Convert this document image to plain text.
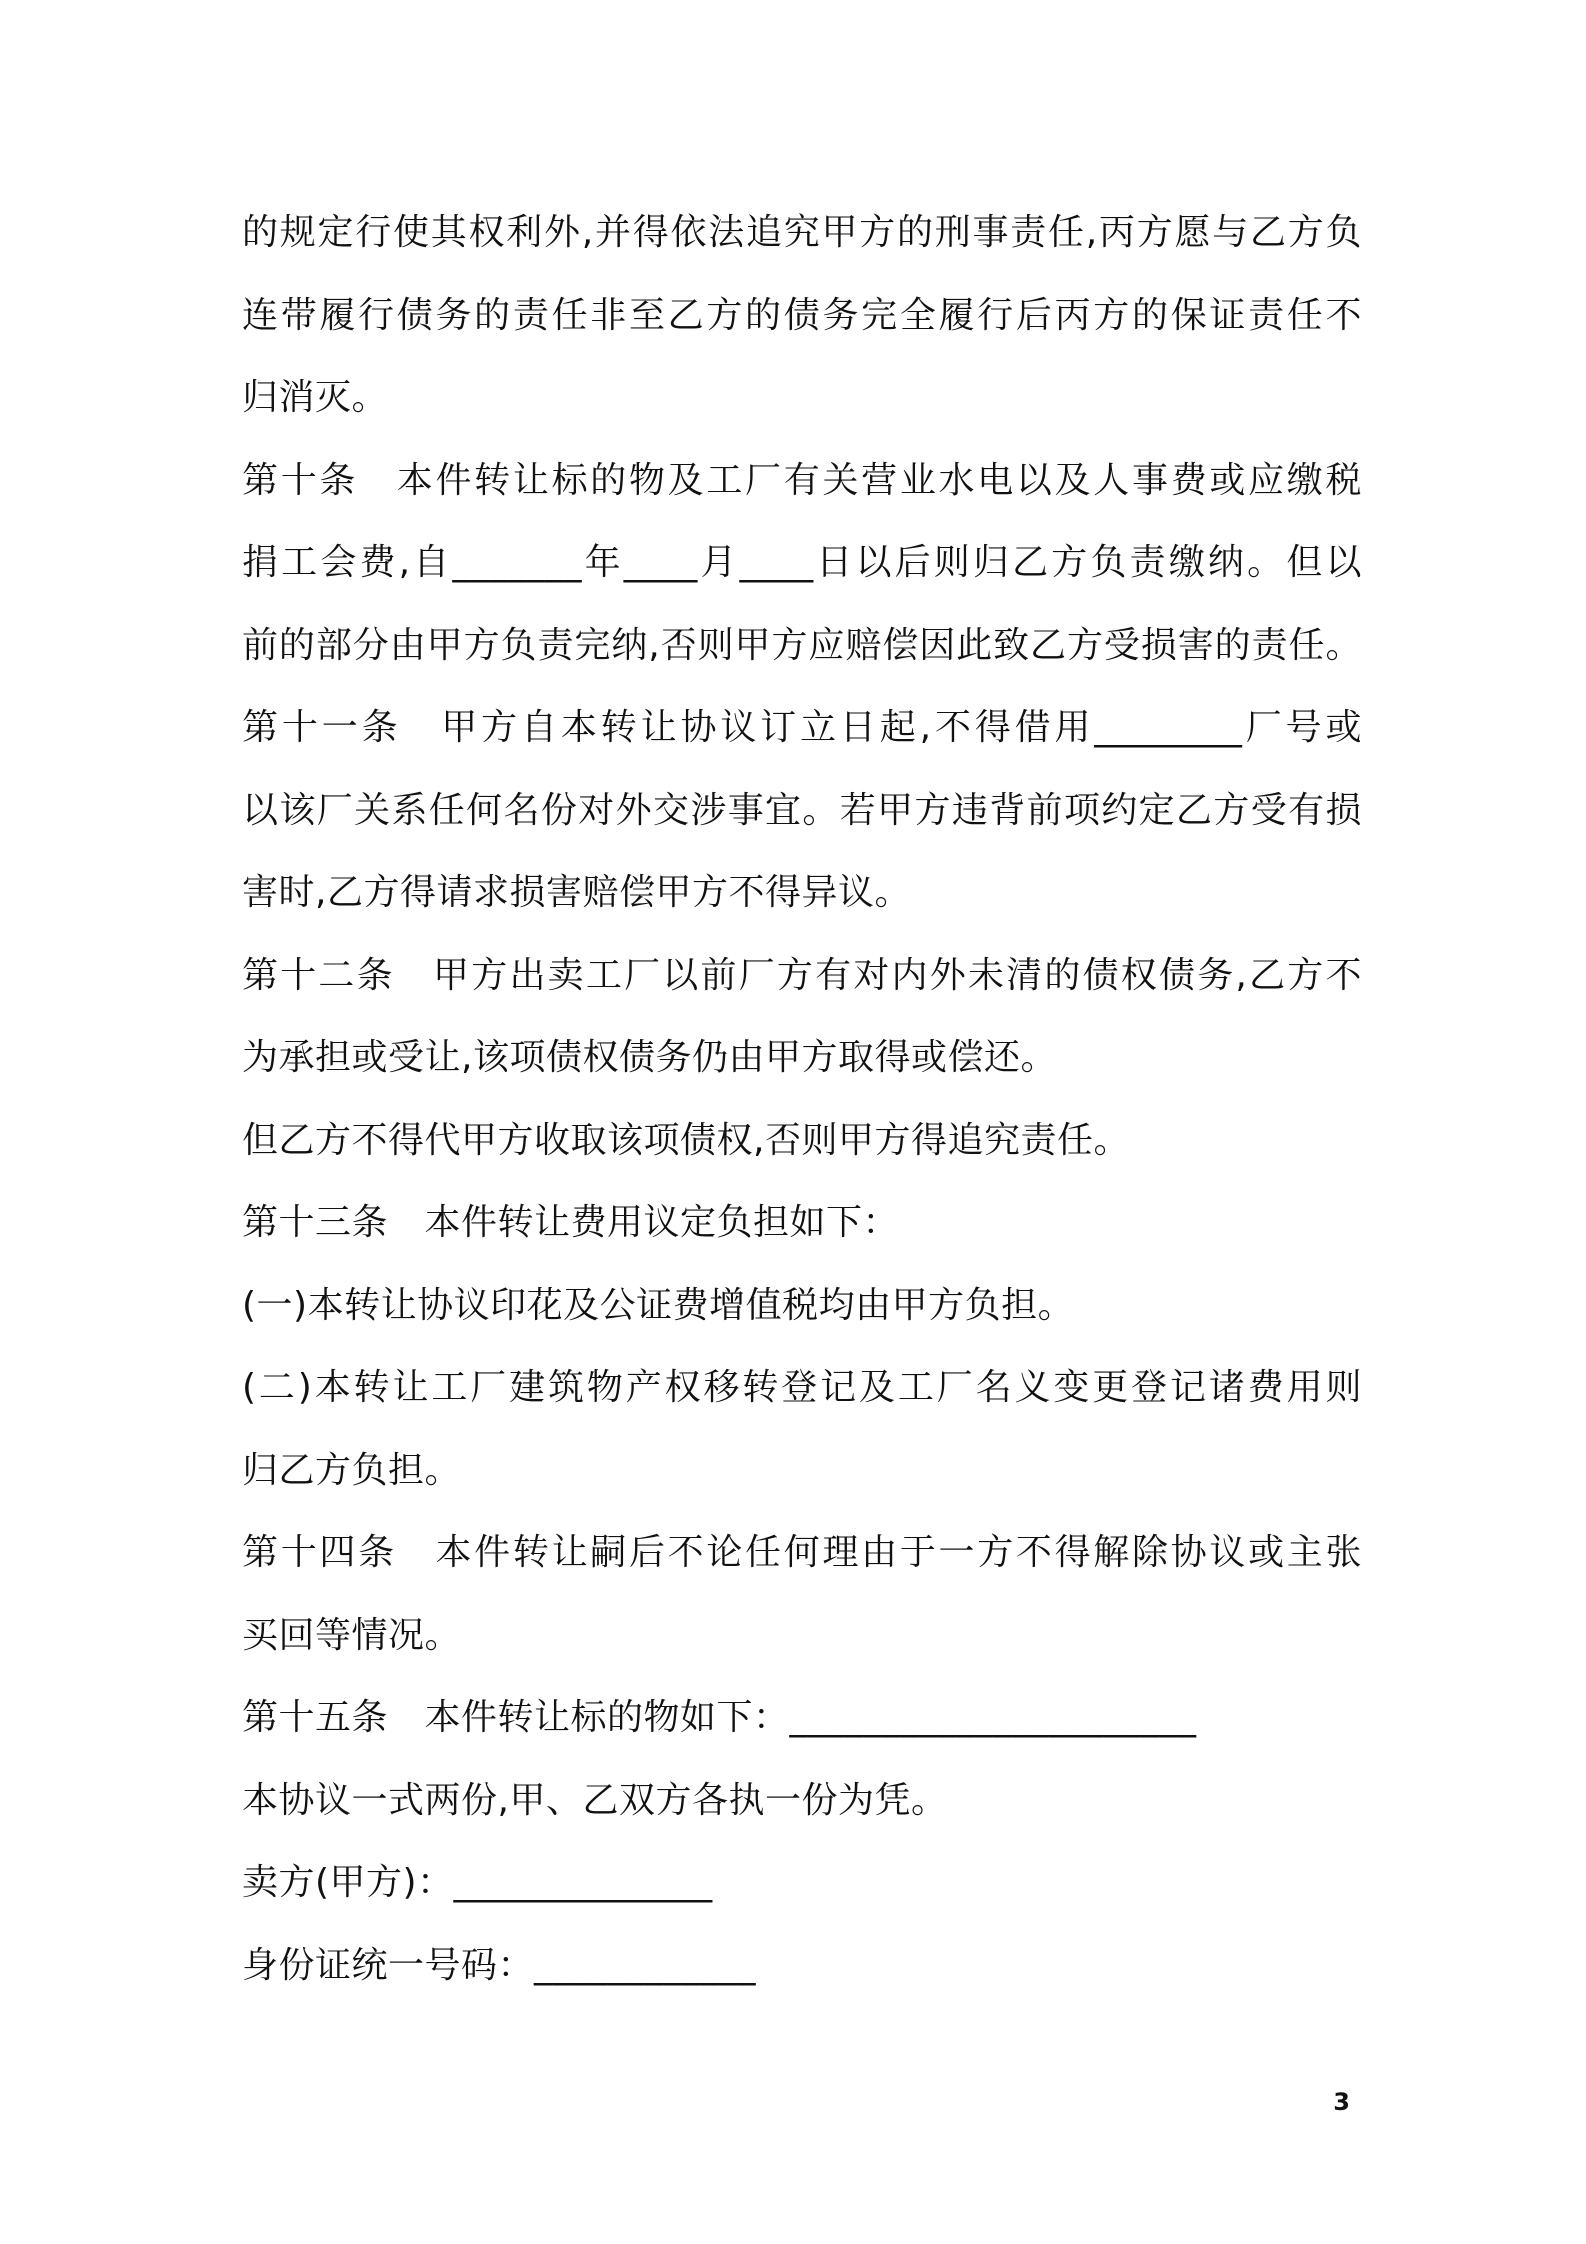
的规定行使其权利外,并得依法追究甲方的刑事责任,丙方愿与乙方负

连带履行债务的责任非至乙方的债务完全履行后丙方的保证责任不

归消灭。

第十条　本件转让标的物及工厂有关营业水电以及人事费或应缴税

捐工会费,自_______年____月____日以后则归乙方负责缴纳。但以

前的部分由甲方负责完纳,否则甲方应赔偿因此致乙方受损害的责任。

第十一条　甲方自本转让协议订立日起,不得借用________厂号或

以该厂关系任何名份对外交涉事宜。若甲方违背前项约定乙方受有损

害时,乙方得请求损害赔偿甲方不得异议。

第十二条　甲方出卖工厂以前厂方有对内外未清的债权债务,乙方不

为承担或受让,该项债权债务仍由甲方取得或偿还。

但乙方不得代甲方收取该项债权,否则甲方得追究责任。

第十三条　本件转让费用议定负担如下：

(一)本转让协议印花及公证费增值税均由甲方负担。

(二)本转让工厂建筑物产权移转登记及工厂名义变更登记诸费用则

归乙方负担。

第十四条　本件转让嗣后不论任何理由于一方不得解除协议或主张

买回等情况。

第十五条　本件转让标的物如下：______________________

本协议一式两份,甲、乙双方各执一份为凭。

卖方(甲方)：______________

身份证统一号码：____________

3
